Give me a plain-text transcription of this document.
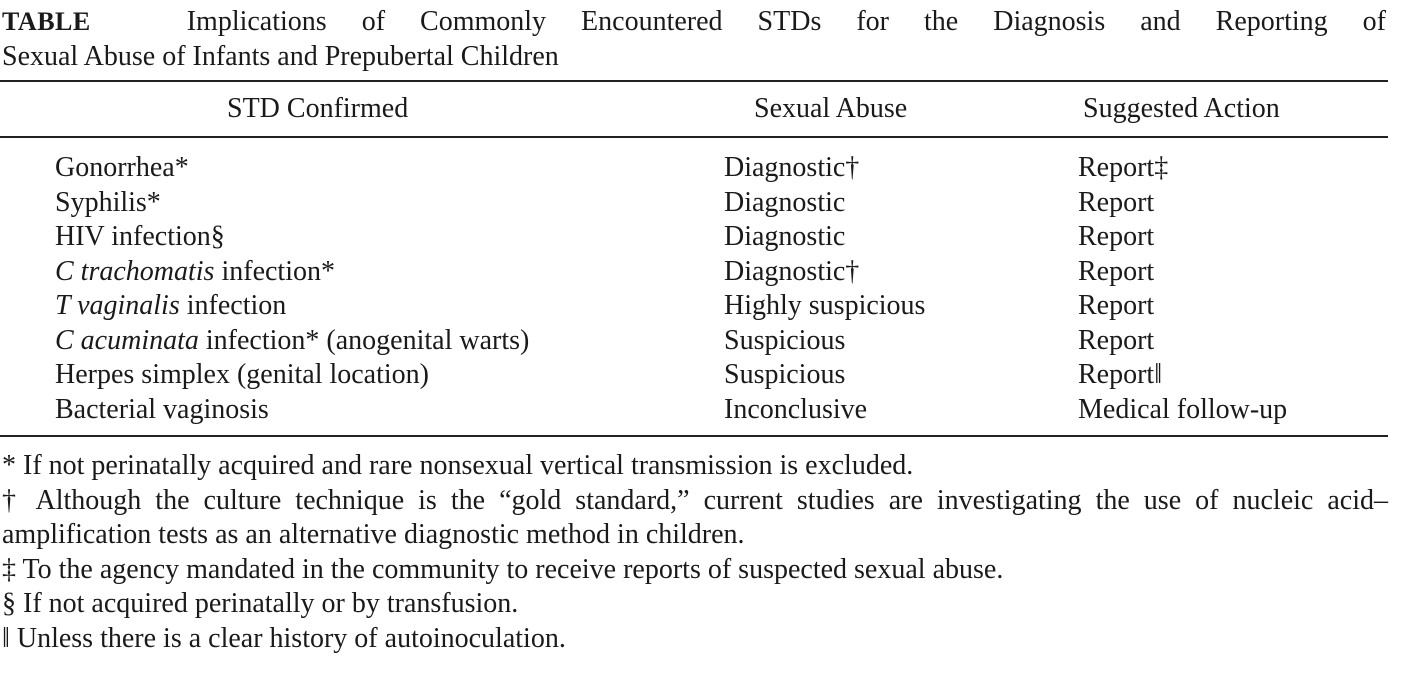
TABLE	Implications of Commonly Encountered STDs for the Diagnosis and Reporting of
Sexual Abuse of Infants and Prepubertal Children
STD Confirmed	Sexual Abuse	Suggested Action
Gonorrhea*	Diagnostic†	Report‡
Syphilis*	Diagnostic	Report
HIV infection§	Diagnostic	Report
C trachomatis infection*	Diagnostic†	Report
T vaginalis infection	Highly suspicious	Report
C acuminata infection* (anogenital warts)	Suspicious	Report
Herpes simplex (genital location)	Suspicious	Report‖
Bacterial vaginosis	Inconclusive	Medical follow-up
* If not perinatally acquired and rare nonsexual vertical transmission is excluded.
† Although the culture technique is the “gold standard,” current studies are investigating the use of nucleic acid–amplification tests as an alternative diagnostic method in children.
‡ To the agency mandated in the community to receive reports of suspected sexual abuse.
§ If not acquired perinatally or by transfusion.
‖ Unless there is a clear history of autoinoculation.
